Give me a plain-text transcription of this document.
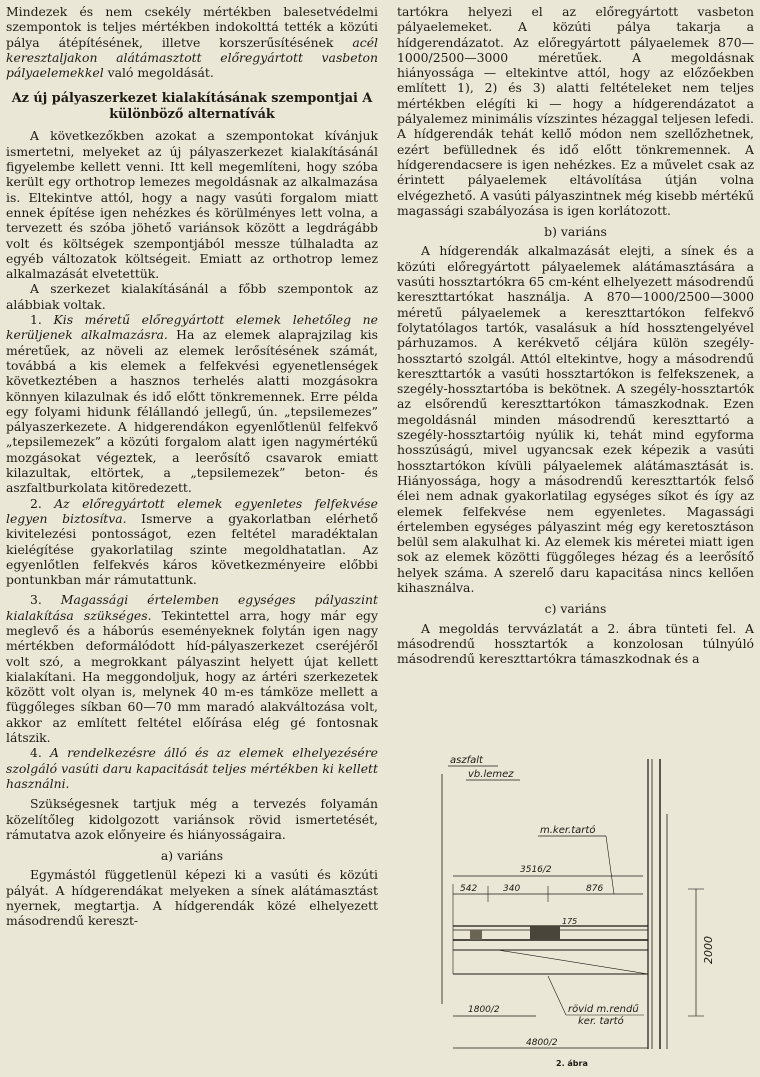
Mindezek és nem csekély mértékben balesetvédelmi szempontok is teljes mértékben indokolttá tették a közúti pálya átépítésének, illetve korszerűsítésének acél keresztaljakon alátámasztott előregyártott vasbeton pályaelemekkel való megoldását.

Az új pályaszerkezet kialakításának szempontjai A különböző alternatívák

A következőkben azokat a szempontokat kívánjuk ismertetni, melyeket az új pályaszerkezet kialakításánál figyelembe kellett venni. Itt kell megemlíteni, hogy szóba került egy orthotrop lemezes megoldásnak az alkalmazása is. Eltekintve attól, hogy a nagy vasúti forgalom miatt ennek építése igen nehézkes és körülményes lett volna, a tervezett és szóba jöhető variánsok között a legdrágább volt és költségek szempontjából messze túlhaladta az egyéb változatok költségeit. Emiatt az orthotrop lemez alkalmazását elvetettük.

A szerkezet kialakításánál a főbb szempontok az alábbiak voltak.

1. Kis méretű előregyártott elemek lehetőleg ne kerüljenek alkalmazásra. Ha az elemek alaprajzilag kis méretűek, az növeli az elemek lerősítésének számát, továbbá a kis elemek a felfekvési egyenetlenségek következtében a hasznos terhelés alatti mozgásokra könnyen kilazulnak és idő előtt tönkremennek. Erre példa egy folyami hidunk félállandó jellegű, ún. „tepsilemezes” pályaszerkezete. A hidgerendákon egyenlőtlenül felfekvő „tepsilemezek” a közúti forgalom alatt igen nagymértékű mozgásokat végeztek, a leerősítő csavarok emiatt kilazultak, eltörtek, a „tepsilemezek” beton- és aszfaltburkolata kitöredezett.

2. Az előregyártott elemek egyenletes felfekvése legyen biztosítva. Ismerve a gyakorlatban elérhető kivitelezési pontosságot, ezen feltétel maradéktalan kielégítése gyakorlatilag szinte megoldhatatlan. Az egyenlőtlen felfekvés káros következményeire előbbi pontunkban már rámutattunk.

3. Magassági értelemben egységes pályaszint kialakítása szükséges. Tekintettel arra, hogy már egy meglevő és a háborús eseményeknek folytán igen nagy mértékben deformálódott híd-pályaszerkezet cseréjéről volt szó, a megrokkant pályaszint helyett újat kellett kialakítani. Ha meggondoljuk, hogy az ártéri szerkezetek között volt olyan is, melynek 40 m-es támköze mellett a függőleges síkban 60—70 mm maradó alakváltozása volt, akkor az említett feltétel előírása elég gé fontosnak látszik.

4. A rendelkezésre álló és az elemek elhelyezésére szolgáló vasúti daru kapacitását teljes mértékben ki kellett használni.

Szükségesnek tartjuk még a tervezés folyamán közelítőleg kidolgozott variánsok rövid ismertetését, rámutatva azok előnyeire és hiányosságaira.

a) variáns

Egymástól függetlenül képezi ki a vasúti és közúti pályát. A hídgerendákat melyeken a sínek alátámasztást nyernek, megtartja. A hídgerendák közé elhelyezett másodrendű kereszt-

tartókra helyezi el az előregyártott vasbeton pályaelemeket. A közúti pálya takarja a hídgerendázatot. Az előregyártott pályaelemek 870—1000/2500—3000 méretűek. A megoldásnak hiányossága — eltekintve attól, hogy az előzőekben említett 1), 2) és 3) alatti feltételeket nem teljes mértékben elégíti ki — hogy a hídgerendázatot a pályalemez minimális vízszintes hézaggal teljesen lefedi. A hídgerendák tehát kellő módon nem szellőzhetnek, ezért befüllednek és idő előtt tönkremennek. A hídgerendacsere is igen nehézkes. Ez a művelet csak az érintett pályaelemek eltávolítása útján volna elvégezhető. A vasúti pályaszintnek még kisebb mértékű magassági szabályozása is igen korlátozott.

b) variáns

A hídgerendák alkalmazását elejti, a sínek és a közúti előregyártott pályaelemek alátámasztására a vasúti hossztartókra 65 cm-ként elhelyezett másodrendű kereszttartókat használja. A 870—1000/2500—3000 méretű pályaelemek a kereszttartókon felfekvő folytatólagos tartók, vasalásuk a híd hossztengelyével párhuzamos. A kerékvető céljára külön szegély-hossztartó szolgál. Attól eltekintve, hogy a másodrendű kereszttartók a vasúti hossztartókon is felfekszenek, a szegély-hossztartóba is bekötnek. A szegély-hossztartók az elsőrendű kereszttartókon támaszkodnak. Ezen megoldásnál minden másodrendű kereszttartó a szegély-hossztartóig nyúlik ki, tehát mind egyforma hosszúságú, mivel ugyancsak ezek képezik a vasúti hossztartókon kívüli pályaelemek alátámasztását is. Hiányossága, hogy a másodrendű kereszttartók felső élei nem adnak gyakorlatilag egységes síkot és így az elemek felfekvése nem egyenletes. Magassági értelemben egységes pályaszint még egy keretosztáson belül sem alakulhat ki. Az elemek kis méretei miatt igen sok az elemek közötti függőleges hézag és a leerősítő helyek száma. A szerelő daru kapacitása nincs kellően kihasználva.

c) variáns

A megoldás tervvázlatát a 2. ábra tünteti fel. A másodrendű hossztartók a konzolosan túlnyúló másodrendű kereszttartókra támaszkodnak és a

aszfalt
vb.lemez
m.ker.tartó
3516/2
542	340	876
175
2000
1800/2
4800/2
rövid m.rendű
ker. tartó
2. ábra
